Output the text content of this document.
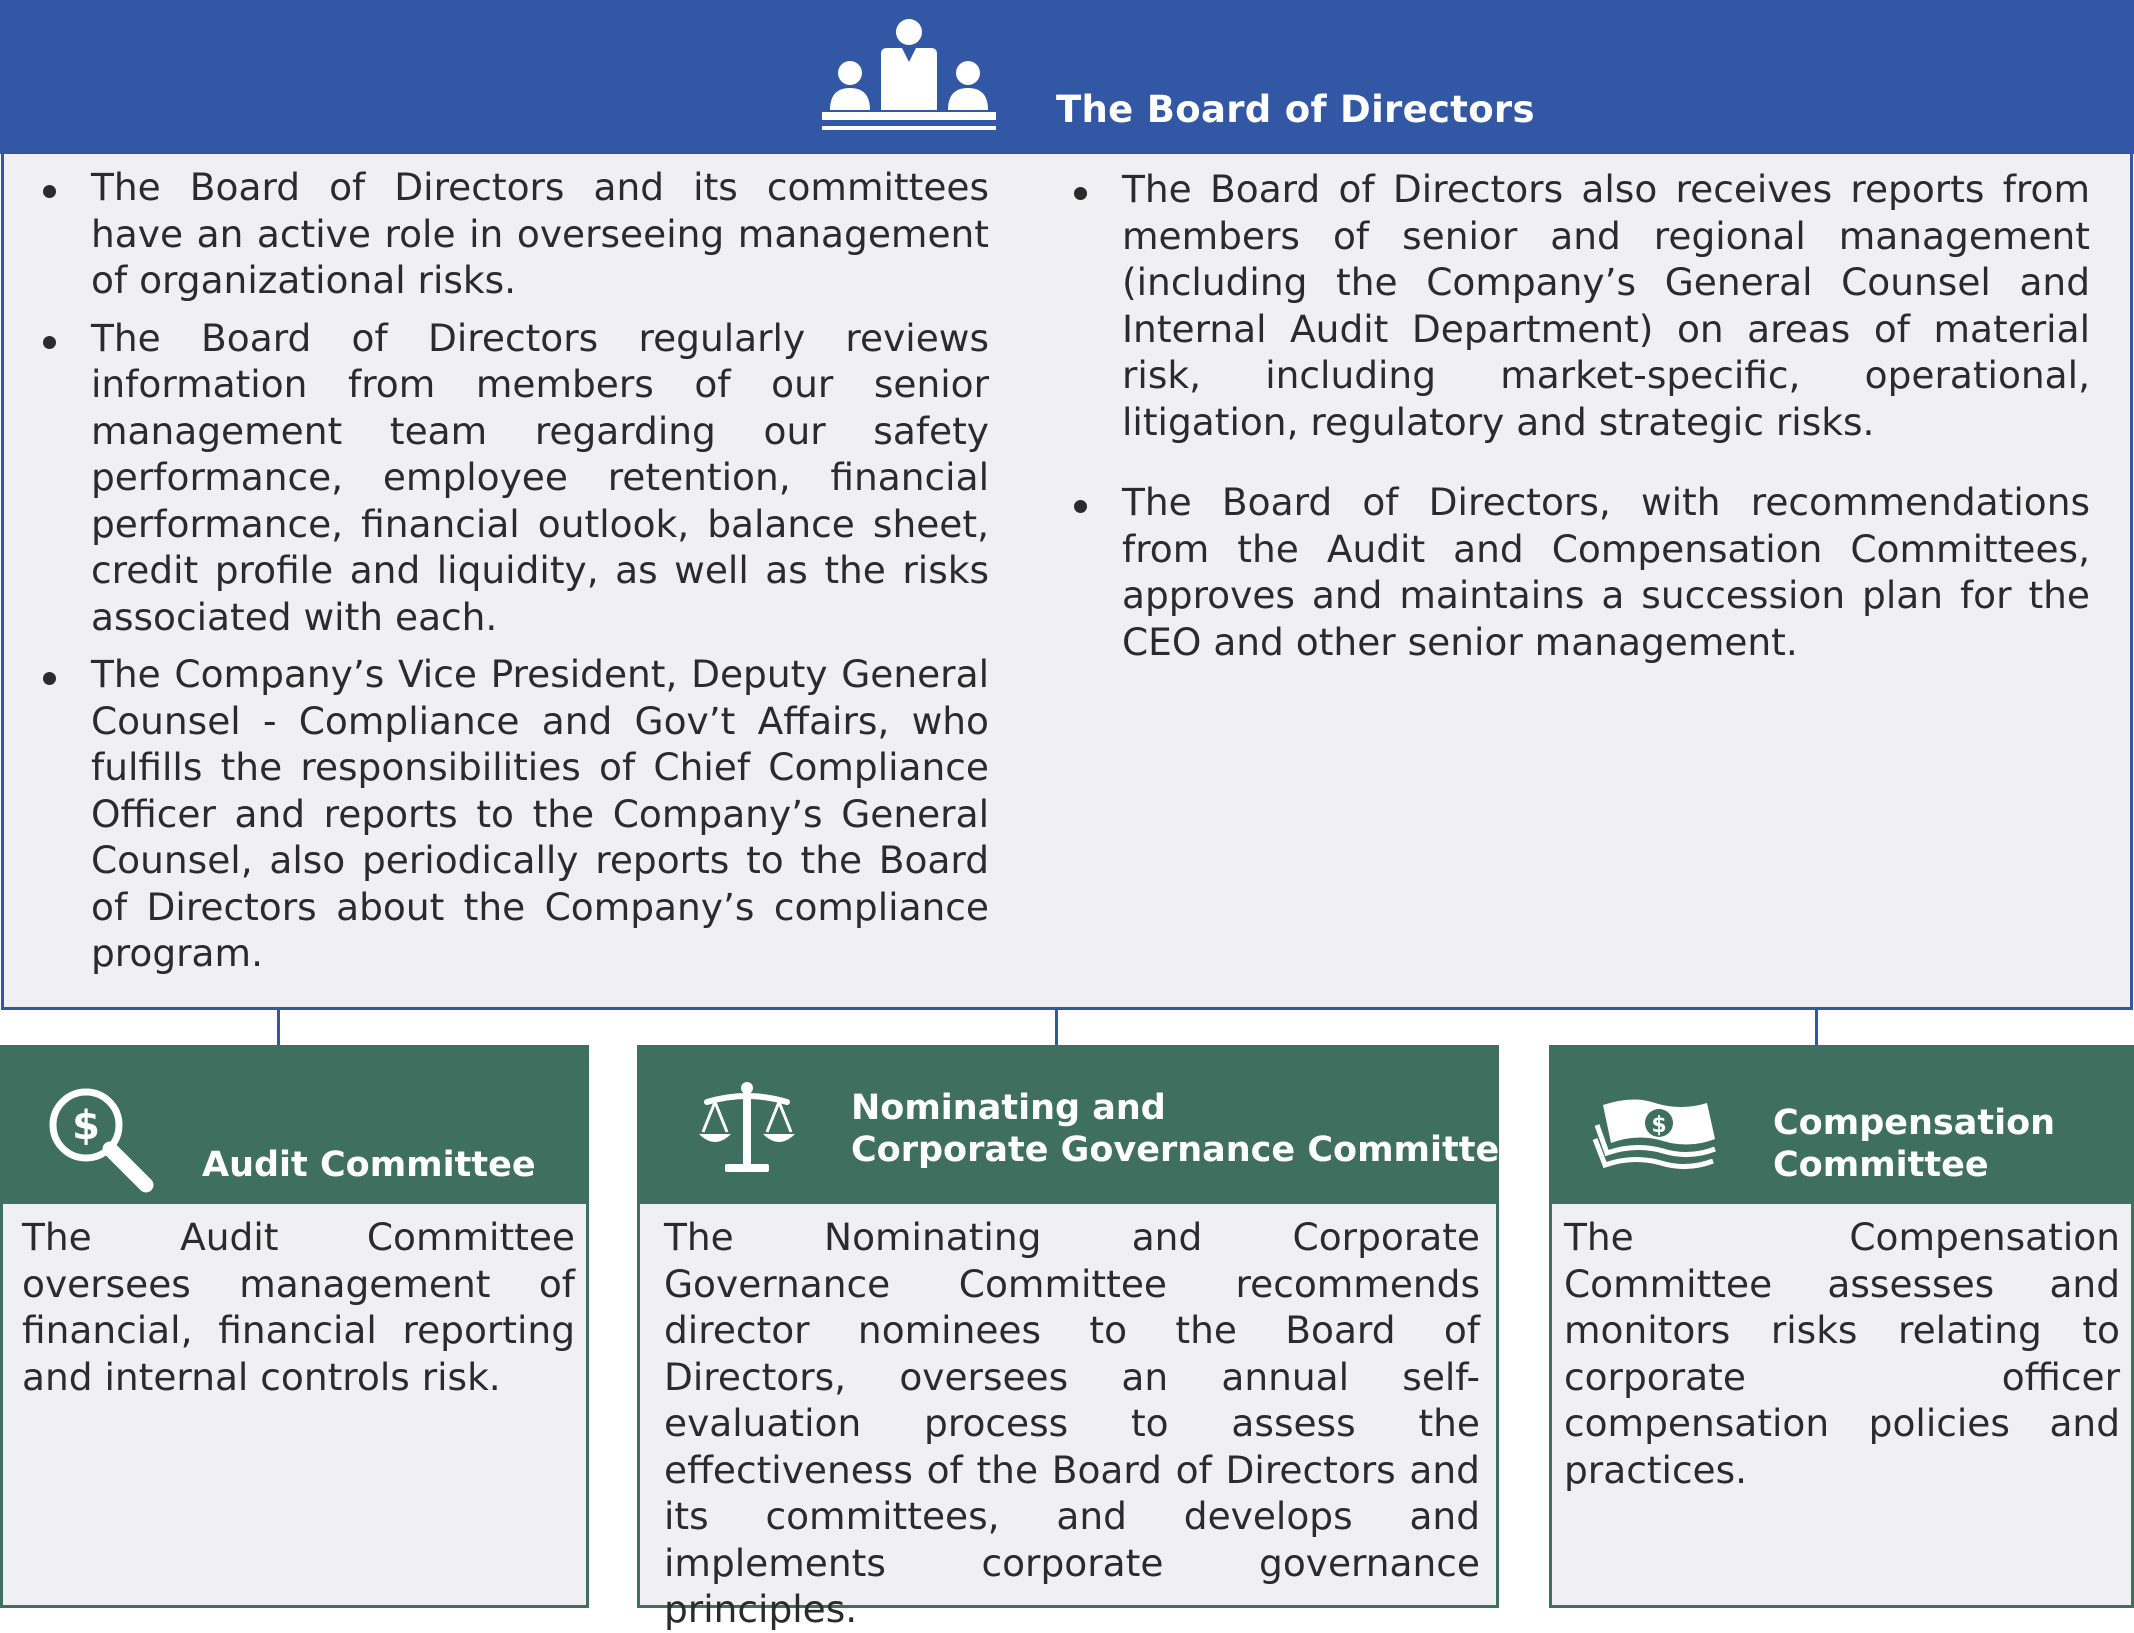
The Board of Directors
The Board of Directors and its committees have an active role in overseeing management of organizational risks.
The Board of Directors regularly reviews information from members of our senior management team regarding our safety performance, employee retention, financial performance, financial outlook, balance sheet, credit profile and liquidity, as well as the risks associated with each.
The Company’s Vice President, Deputy General Counsel - Compliance and Gov’t Affairs, who fulfills the responsibilities of Chief Compliance Officer and reports to the Company’s General Counsel, also periodically reports to the Board of Directors about the Company’s compliance program.
The Board of Directors also receives reports from members of senior and regional management (including the Company’s General Counsel and Internal Audit Department) on areas of material risk, including market-specific, operational, litigation, regulatory and strategic risks.
The Board of Directors, with recommendations from the Audit and Compensation Committees, approves and maintains a succession plan for the CEO and other senior management.
$
Audit Committee

The Audit Committee oversees management of financial, financial reporting and internal controls risk.

Nominating and
Corporate Governance Committee

The Nominating and Corporate Governance Committee recommends director nominees to the Board of Directors, oversees an annual self-evaluation process to assess the effectiveness of the Board of Directors and its committees, and develops and implements corporate governance principles.

$	Compensation
Committee

The Compensation Committee assesses and monitors risks relating to corporate officer compensation policies and practices.
